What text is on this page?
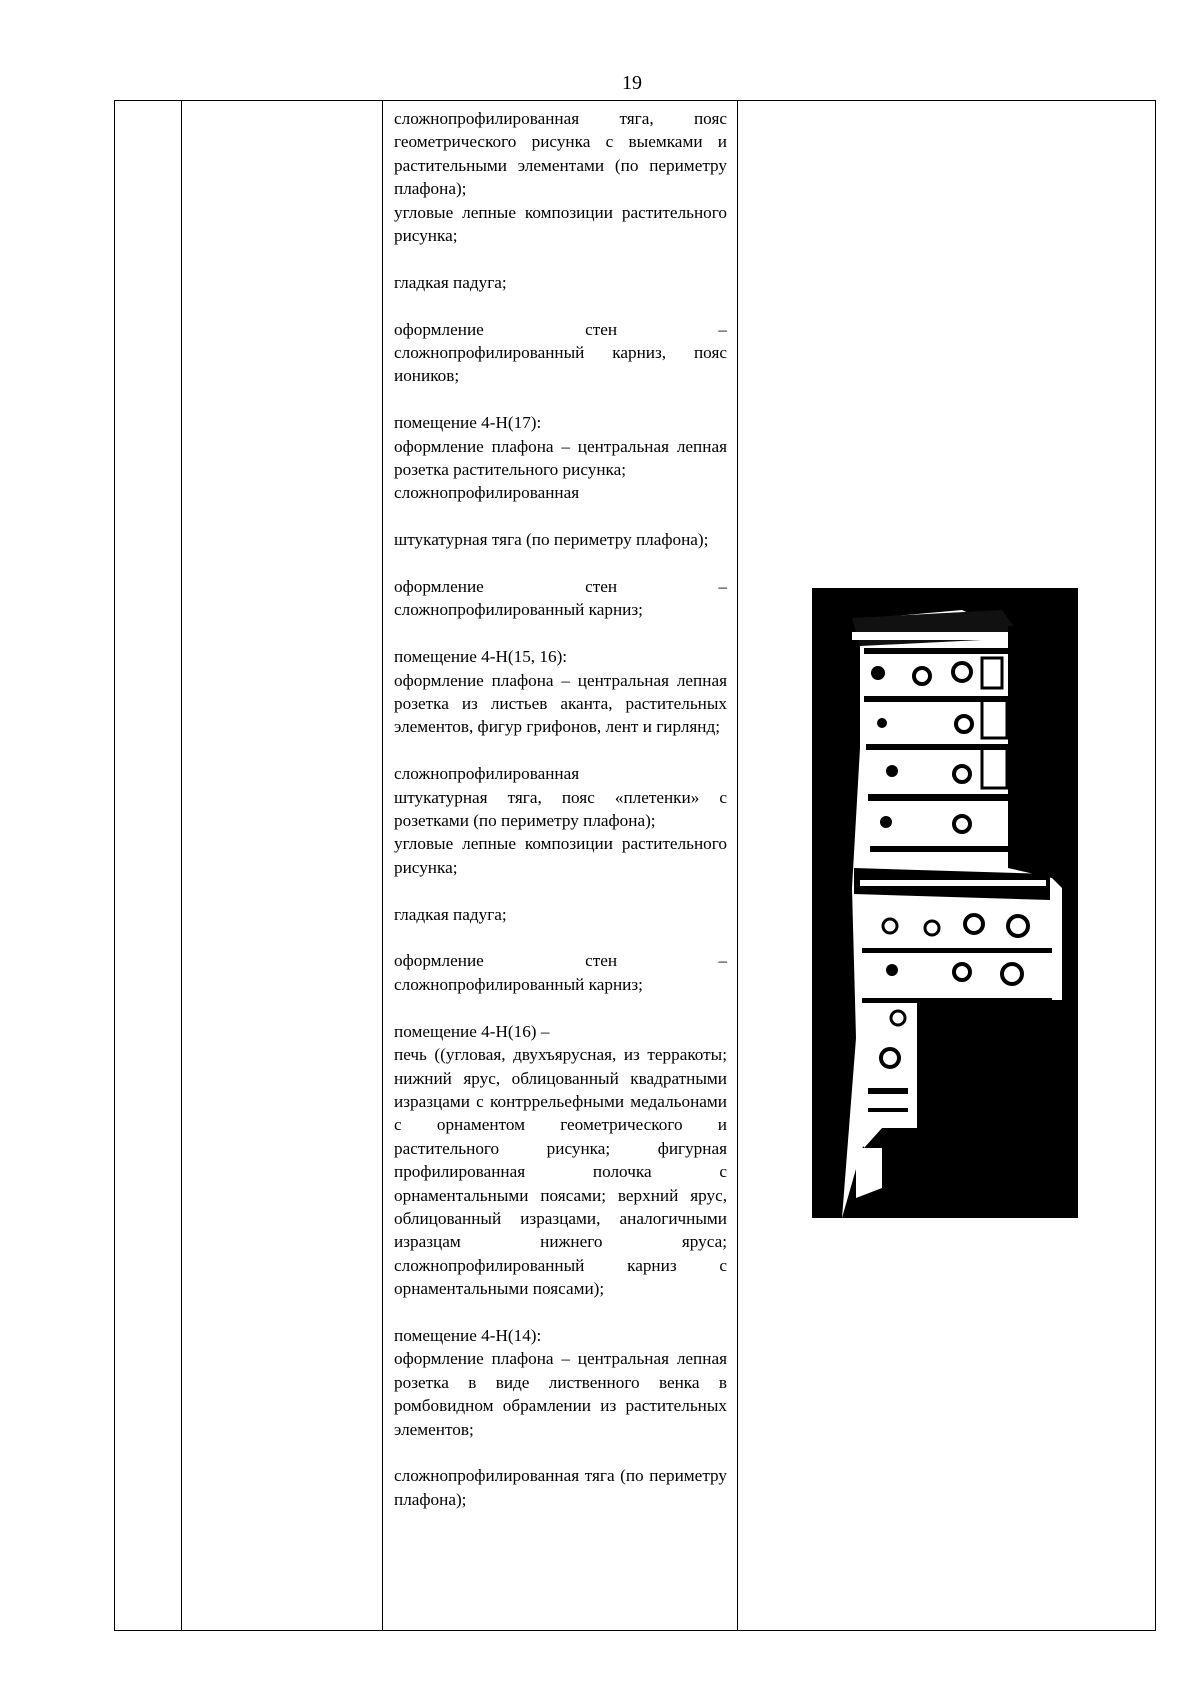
19

сложнопрофилированная тяга, пояс геометрического рисунка с выемками и растительными элементами (по периметру плафона);
угловые лепные композиции растительного рисунка;
гладкая падуга;
оформление стен – сложнопрофилированный карниз, пояс иоников;
помещение 4-Н(17):
оформление плафона – центральная лепная розетка растительного рисунка;
сложнопрофилированная
штукатурная тяга (по периметру плафона);
оформление стен – сложнопрофилированный карниз;
помещение 4-Н(15, 16):
оформление плафона – центральная лепная розетка из листьев аканта, растительных элементов, фигур грифонов, лент и гирлянд;
сложнопрофилированная
штукатурная тяга, пояс «плетенки» с розетками (по периметру плафона);
угловые лепные композиции растительного рисунка;
гладкая падуга;
оформление стен – сложнопрофилированный карниз;
помещение 4-Н(16) –
печь ((угловая, двухъярусная, из терракоты; нижний ярус, облицованный квадратными изразцами с контррельефными медальонами с орнаментом геометрического и растительного рисунка; фигурная профилированная полочка с орнаментальными поясами; верхний ярус, облицованный изразцами, аналогичными изразцам нижнего яруса; сложнопрофилированный карниз с орнаментальными поясами);
помещение 4-Н(14):
оформление плафона – центральная лепная розетка в виде лиственного венка в ромбовидном обрамлении из растительных элементов;
сложнопрофилированная тяга (по периметру плафона);
